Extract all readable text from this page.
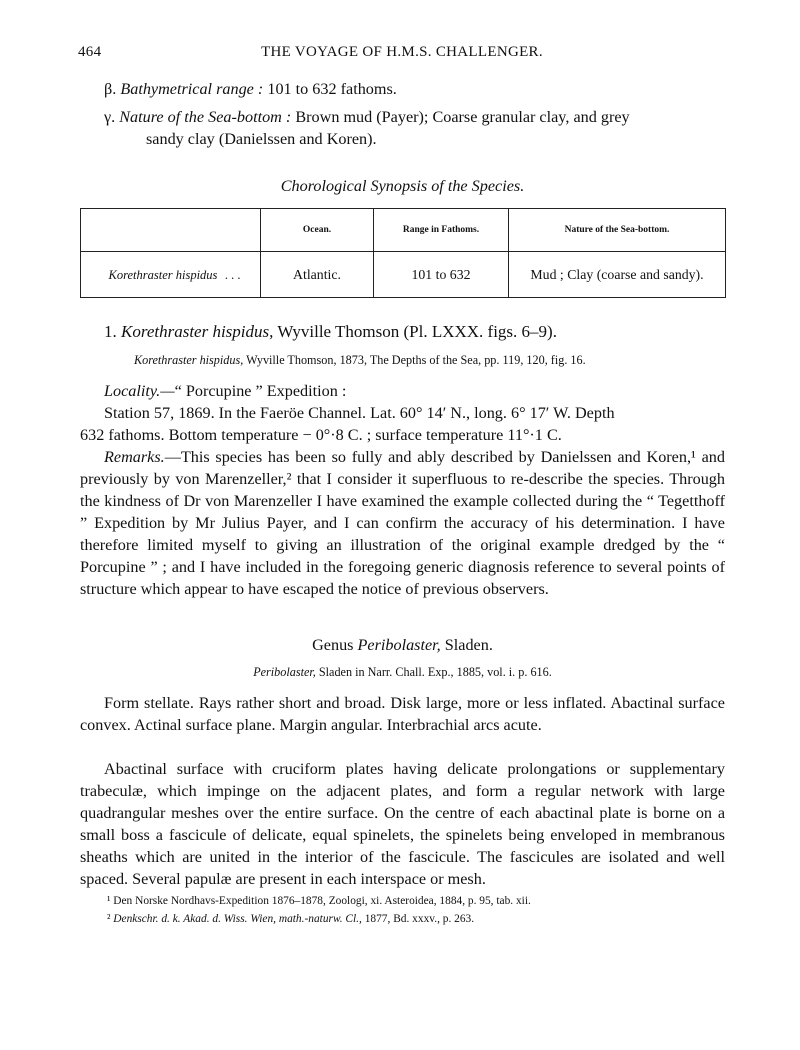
464	THE VOYAGE OF H.M.S. CHALLENGER.
β. Bathymetrical range : 101 to 632 fathoms.
γ. Nature of the Sea-bottom : Brown mud (Payer); Coarse granular clay, and grey
sandy clay (Danielssen and Koren).
Chorological Synopsis of the Species.
	Ocean.	Range in Fathoms.	Nature of the Sea-bottom.
Korethraster hispidus . . .	Atlantic.	101 to 632	Mud ; Clay (coarse and sandy).
1. Korethraster hispidus, Wyville Thomson (Pl. LXXX. figs. 6–9).
Korethraster hispidus, Wyville Thomson, 1873, The Depths of the Sea, pp. 119, 120, fig. 16.
Locality.—“ Porcupine ” Expedition :
Station 57, 1869. In the Faeröe Channel. Lat. 60° 14′ N., long. 6° 17′ W. Depth
632 fathoms. Bottom temperature − 0°·8 C. ; surface temperature 11°·1 C.
Remarks.—This species has been so fully and ably described by Danielssen and Koren,¹ and previously by von Marenzeller,² that I consider it superfluous to re-describe the species. Through the kindness of Dr von Marenzeller I have examined the example collected during the “ Tegetthoff ” Expedition by Mr Julius Payer, and I can confirm the accuracy of his determination. I have therefore limited myself to giving an illustration of the original example dredged by the “ Porcupine ” ; and I have included in the foregoing generic diagnosis reference to several points of structure which appear to have escaped the notice of previous observers.
Genus Peribolaster, Sladen.
Peribolaster, Sladen in Narr. Chall. Exp., 1885, vol. i. p. 616.
Form stellate. Rays rather short and broad. Disk large, more or less inflated. Abactinal surface convex. Actinal surface plane. Margin angular. Interbrachial arcs acute.
Abactinal surface with cruciform plates having delicate prolongations or supplementary trabeculæ, which impinge on the adjacent plates, and form a regular network with large quadrangular meshes over the entire surface. On the centre of each abactinal plate is borne on a small boss a fascicule of delicate, equal spinelets, the spinelets being enveloped in membranous sheaths which are united in the interior of the fascicule. The fascicules are isolated and well spaced. Several papulæ are present in each interspace or mesh.
¹ Den Norske Nordhavs-Expedition 1876–1878, Zoologi, xi. Asteroidea, 1884, p. 95, tab. xii.
² Denkschr. d. k. Akad. d. Wiss. Wien, math.-naturw. Cl., 1877, Bd. xxxv., p. 263.
